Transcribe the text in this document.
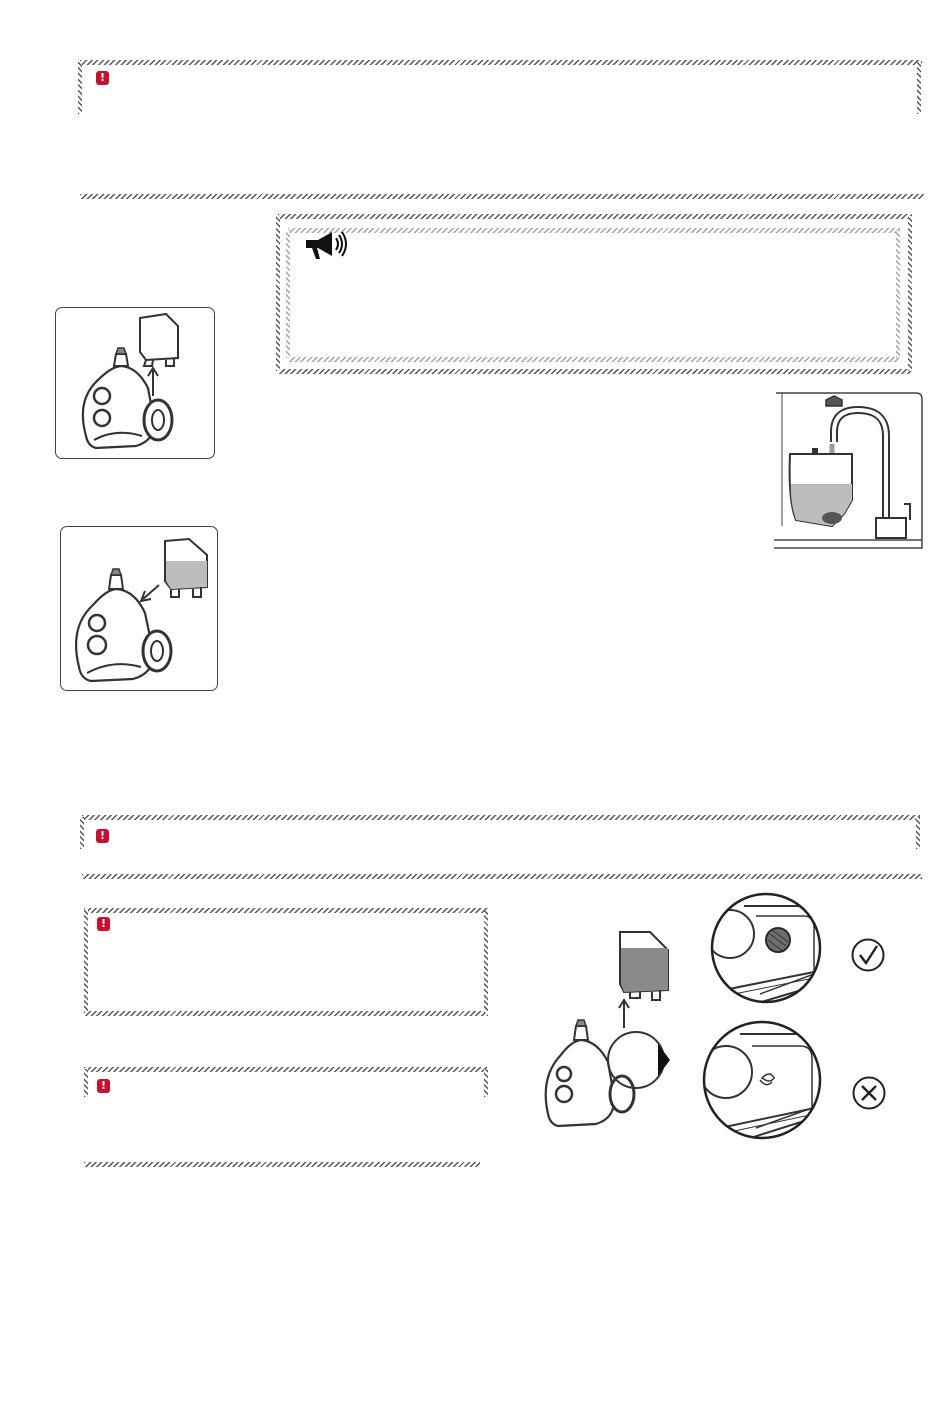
!
!
!
!
